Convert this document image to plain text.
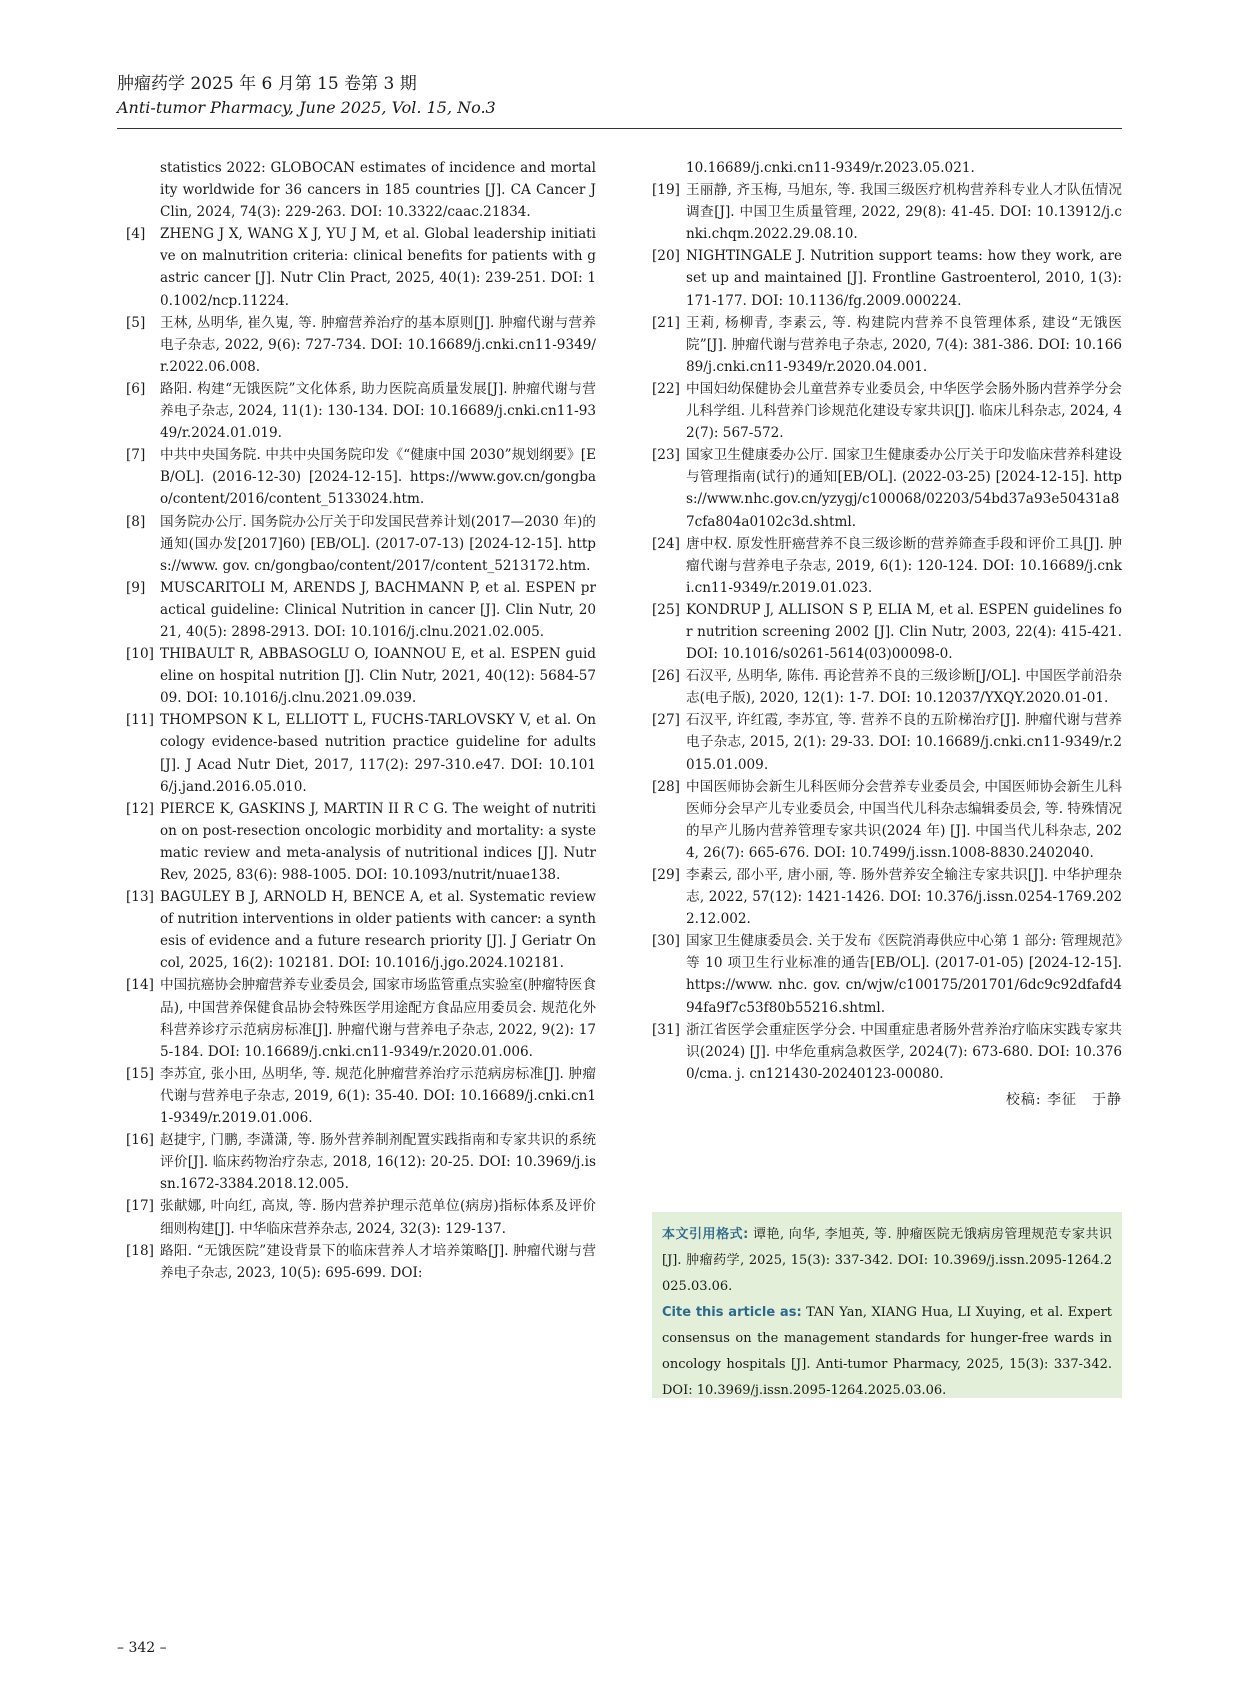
肿瘤药学 2025 年 6 月第 15 卷第 3 期
Anti-tumor Pharmacy, June 2025, Vol. 15, No.3
statistics 2022: GLOBOCAN estimates of incidence and mortality worldwide for 36 cancers in 185 countries [J]. CA Cancer J Clin, 2024, 74(3): 229-263. DOI: 10.3322/caac.21834.
[4]	ZHENG J X, WANG X J, YU J M, et al. Global leadership initiative on malnutrition criteria: clinical benefits for patients with gastric cancer [J]. Nutr Clin Pract, 2025, 40(1): 239-251. DOI: 10.1002/ncp.11224.
[5]	王林, 丛明华, 崔久嵬, 等. 肿瘤营养治疗的基本原则[J]. 肿瘤代谢与营养电子杂志, 2022, 9(6): 727-734. DOI: 10.16689/j.cnki.cn11-9349/r.2022.06.008.
[6]	路阳. 构建“无饿医院”文化体系, 助力医院高质量发展[J]. 肿瘤代谢与营养电子杂志, 2024, 11(1): 130-134. DOI: 10.16689/j.cnki.cn11-9349/r.2024.01.019.
[7]	中共中央国务院. 中共中央国务院印发《“健康中国 2030”规划纲要》[EB/OL]. (2016-12-30) [2024-12-15]. https://www.gov.cn/gongbao/content/2016/content_5133024.htm.
[8]	国务院办公厅. 国务院办公厅关于印发国民营养计划(2017—2030 年)的通知(国办发[2017]60) [EB/OL]. (2017-07-13) [2024-12-15]. https://www. gov. cn/gongbao/content/2017/content_5213172.htm.
[9]	MUSCARITOLI M, ARENDS J, BACHMANN P, et al. ESPEN practical guideline: Clinical Nutrition in cancer [J]. Clin Nutr, 2021, 40(5): 2898-2913. DOI: 10.1016/j.clnu.2021.02.005.
[10] THIBAULT R, ABBASOGLU O, IOANNOU E, et al. ESPEN guideline on hospital nutrition [J]. Clin Nutr, 2021, 40(12): 5684-5709. DOI: 10.1016/j.clnu.2021.09.039.
[11] THOMPSON K L, ELLIOTT L, FUCHS-TARLOVSKY V, et al. Oncology evidence-based nutrition practice guideline for adults [J]. J Acad Nutr Diet, 2017, 117(2): 297-310.e47. DOI: 10.1016/j.jand.2016.05.010.
[12] PIERCE K, GASKINS J, MARTIN II R C G. The weight of nutrition on post-resection oncologic morbidity and mortality: a systematic review and meta-analysis of nutritional indices [J]. Nutr Rev, 2025, 83(6): 988-1005. DOI: 10.1093/nutrit/nuae138.
[13] BAGULEY B J, ARNOLD H, BENCE A, et al. Systematic review of nutrition interventions in older patients with cancer: a synthesis of evidence and a future research priority [J]. J Geriatr Oncol, 2025, 16(2): 102181. DOI: 10.1016/j.jgo.2024.102181.
[14] 中国抗癌协会肿瘤营养专业委员会, 国家市场监管重点实验室(肿瘤特医食品), 中国营养保健食品协会特殊医学用途配方食品应用委员会. 规范化外科营养诊疗示范病房标准[J]. 肿瘤代谢与营养电子杂志, 2022, 9(2): 175-184. DOI: 10.16689/j.cnki.cn11-9349/r.2020.01.006.
[15] 李苏宜, 张小田, 丛明华, 等. 规范化肿瘤营养治疗示范病房标准[J]. 肿瘤代谢与营养电子杂志, 2019, 6(1): 35-40. DOI: 10.16689/j.cnki.cn11-9349/r.2019.01.006.
[16] 赵捷宇, 门鹏, 李潇潇, 等. 肠外营养制剂配置实践指南和专家共识的系统评价[J]. 临床药物治疗杂志, 2018, 16(12): 20-25. DOI: 10.3969/j.issn.1672-3384.2018.12.005.
[17] 张献娜, 叶向红, 高岚, 等. 肠内营养护理示范单位(病房)指标体系及评价细则构建[J]. 中华临床营养杂志, 2024, 32(3): 129-137.
[18] 路阳. “无饿医院”建设背景下的临床营养人才培养策略[J]. 肿瘤代谢与营养电子杂志, 2023, 10(5): 695-699. DOI:
10.16689/j.cnki.cn11-9349/r.2023.05.021.
[19] 王丽静, 齐玉梅, 马旭东, 等. 我国三级医疗机构营养科专业人才队伍情况调查[J]. 中国卫生质量管理, 2022, 29(8): 41-45. DOI: 10.13912/j.cnki.chqm.2022.29.08.10.
[20] NIGHTINGALE J. Nutrition support teams: how they work, are set up and maintained [J]. Frontline Gastroenterol, 2010, 1(3): 171-177. DOI: 10.1136/fg.2009.000224.
[21] 王莉, 杨柳青, 李素云, 等. 构建院内营养不良管理体系, 建设“无饿医院”[J]. 肿瘤代谢与营养电子杂志, 2020, 7(4): 381-386. DOI: 10.16689/j.cnki.cn11-9349/r.2020.04.001.
[22] 中国妇幼保健协会儿童营养专业委员会, 中华医学会肠外肠内营养学分会儿科学组. 儿科营养门诊规范化建设专家共识[J]. 临床儿科杂志, 2024, 42(7): 567-572.
[23] 国家卫生健康委办公厅. 国家卫生健康委办公厅关于印发临床营养科建设与管理指南(试行)的通知[EB/OL]. (2022-03-25) [2024-12-15]. https://www.nhc.gov.cn/yzygj/c100068/02203/54bd37a93e50431a87cfa804a0102c3d.shtml.
[24] 唐中权. 原发性肝癌营养不良三级诊断的营养筛查手段和评价工具[J]. 肿瘤代谢与营养电子杂志, 2019, 6(1): 120-124. DOI: 10.16689/j.cnki.cn11-9349/r.2019.01.023.
[25] KONDRUP J, ALLISON S P, ELIA M, et al. ESPEN guidelines for nutrition screening 2002 [J]. Clin Nutr, 2003, 22(4): 415-421. DOI: 10.1016/s0261-5614(03)00098-0.
[26] 石汉平, 丛明华, 陈伟. 再论营养不良的三级诊断[J/OL]. 中国医学前沿杂志(电子版), 2020, 12(1): 1-7. DOI: 10.12037/YXQY.2020.01-01.
[27] 石汉平, 许红霞, 李苏宜, 等. 营养不良的五阶梯治疗[J]. 肿瘤代谢与营养电子杂志, 2015, 2(1): 29-33. DOI: 10.16689/j.cnki.cn11-9349/r.2015.01.009.
[28] 中国医师协会新生儿科医师分会营养专业委员会, 中国医师协会新生儿科医师分会早产儿专业委员会, 中国当代儿科杂志编辑委员会, 等. 特殊情况的早产儿肠内营养管理专家共识(2024 年) [J]. 中国当代儿科杂志, 2024, 26(7): 665-676. DOI: 10.7499/j.issn.1008-8830.2402040.
[29] 李素云, 邵小平, 唐小丽, 等. 肠外营养安全输注专家共识[J]. 中华护理杂志, 2022, 57(12): 1421-1426. DOI: 10.376/j.issn.0254-1769.2022.12.002.
[30] 国家卫生健康委员会. 关于发布《医院消毒供应中心第 1 部分: 管理规范》等 10 项卫生行业标准的通告[EB/OL]. (2017-01-05) [2024-12-15]. https://www. nhc. gov. cn/wjw/c100175/201701/6dc9c92dfafd494fa9f7c53f80b55216.shtml.
[31] 浙江省医学会重症医学分会. 中国重症患者肠外营养治疗临床实践专家共识(2024) [J]. 中华危重病急救医学, 2024(7): 673-680. DOI: 10.3760/cma. j. cn121430-20240123-00080.
校稿: 李征　于静

本文引用格式: 谭艳, 向华, 李旭英, 等. 肿瘤医院无饿病房管理规范专家共识[J]. 肿瘤药学, 2025, 15(3): 337-342. DOI: 10.3969/j.issn.2095-1264.2025.03.06.

Cite this article as: TAN Yan, XIANG Hua, LI Xuying, et al. Expert consensus on the management standards for hunger-free wards in oncology hospitals [J]. Anti-tumor Pharmacy, 2025, 15(3): 337-342. DOI: 10.3969/j.issn.2095-1264.2025.03.06.

– 342 –
